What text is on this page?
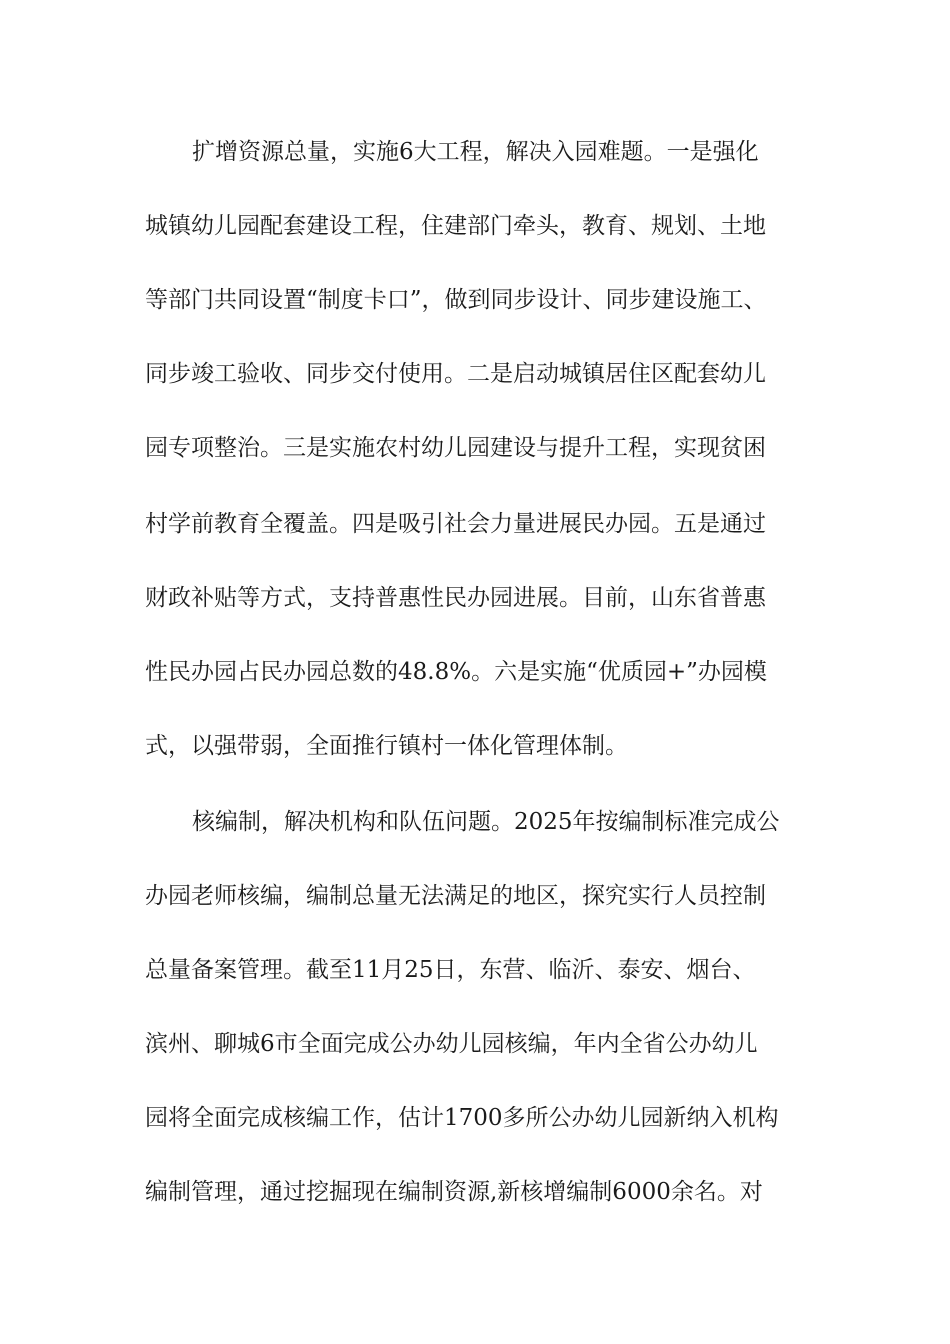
扩增资源总量，实施6大工程，解决入园难题。一是强化
城镇幼儿园配套建设工程，住建部门牵头，教育、规划、土地
等部门共同设置“制度卡口”，做到同步设计、同步建设施工、
同步竣工验收、同步交付使用。二是启动城镇居住区配套幼儿
园专项整治。三是实施农村幼儿园建设与提升工程，实现贫困
村学前教育全覆盖。四是吸引社会力量进展民办园。五是通过
财政补贴等方式，支持普惠性民办园进展。目前，山东省普惠
性民办园占民办园总数的48.8%。六是实施“优质园+”办园模
式，以强带弱，全面推行镇村一体化管理体制。
核编制，解决机构和队伍问题。2025年按编制标准完成公
办园老师核编，编制总量无法满足的地区，探究实行人员控制
总量备案管理。截至11月25日，东营、临沂、泰安、烟台、
滨州、聊城6市全面完成公办幼儿园核编，年内全省公办幼儿
园将全面完成核编工作，估计1700多所公办幼儿园新纳入机构
编制管理，通过挖掘现在编制资源,新核增编制6000余名。对
